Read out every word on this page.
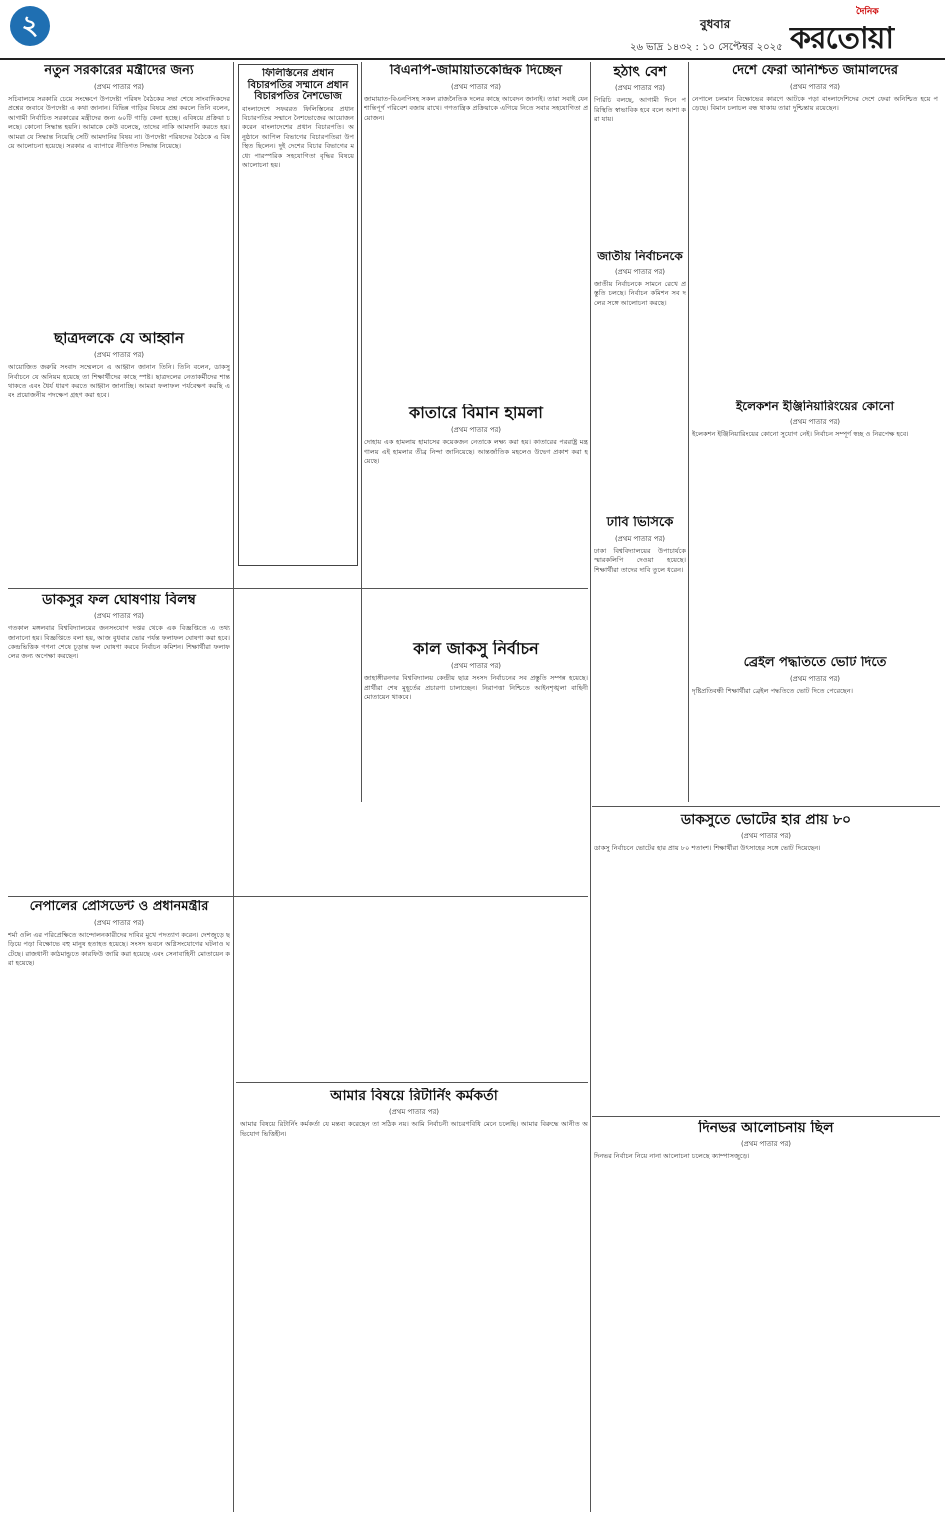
২	বুধবার
২৬ ভাদ্র ১৪৩২ : ১০ সেপ্টেম্বর ২০২৫
দৈনিক
করতোয়া
নতুন সরকারের মন্ত্রীদের জন্য
(প্রথম পাতার পর)

সচিবালয়ে সরকারি চেয়ে সংক্ষেপে উপদেষ্টা পরিষদ বৈঠকের সভা শেষে সাংবাদিকদের প্রশ্নের জবাবে উপদেষ্টা এ কথা জানান। বিভিন্ন গাড়ির বিষয়ে প্রশ্ন করলে তিনি বলেন, আগামী নির্বাচিত সরকারের মন্ত্রীদের জন্য ৬০টি গাড়ি কেনা হচ্ছে। এবিষয়ে প্রক্রিয়া চলছে। কোনো সিদ্ধান্ত হয়নি। আমাকে কেউ বলেছে, তাদের নাকি আমদানি করতে হয়। আমরা যে সিদ্ধান্ত নিয়েছি সেটি আমদানির বিষয় না। উপদেষ্টা পরিষদের বৈঠকে এ বিষয়ে আলোচনা হয়েছে। সরকার এ ব্যাপারে নীতিগত সিদ্ধান্ত নিয়েছে।

ছাত্রদলকে যে আহ্বান
(প্রথম পাতার পর)

আয়োজিত জরুরি সংবাদ সম্মেলনে এ আহ্বান জানান তিনি। তিনি বলেন, ডাকসু নির্বাচনে যে অনিয়ম হয়েছে তা শিক্ষার্থীদের কাছে স্পষ্ট। ছাত্রদলের নেতাকর্মীদের শান্ত থাকতে এবং ধৈর্য ধারণ করতে আহ্বান জানাচ্ছি। আমরা ফলাফল পর্যবেক্ষণ করছি এবং প্রয়োজনীয় পদক্ষেপ গ্রহণ করা হবে।

ডাকসুর ফল ঘোষণায় বিলম্ব
(প্রথম পাতার পর)

গতকাল মঙ্গলবার বিশ্ববিদ্যালয়ের জনসংযোগ দপ্তর থেকে এক বিজ্ঞপ্তিতে এ তথ্য জানানো হয়। বিজ্ঞপ্তিতে বলা হয়, আজ বুধবার ভোর পর্যন্ত ফলাফল ঘোষণা করা হবে। কেন্দ্রভিত্তিক গণনা শেষে চূড়ান্ত ফল ঘোষণা করবে নির্বাচন কমিশন। শিক্ষার্থীরা ফলাফলের জন্য অপেক্ষা করছেন।

নেপালের প্রেসিডেন্ট ও প্রধানমন্ত্রীর
(প্রথম পাতার পর)

শর্মা ওলি এর পরিপ্রেক্ষিতে আন্দোলনকারীদের দাবির মুখে পদত্যাগ করেন। দেশজুড়ে ছড়িয়ে পড়া বিক্ষোভে বহু মানুষ হতাহত হয়েছে। সংসদ ভবনে অগ্নিসংযোগের ঘটনাও ঘটেছে। রাজধানী কাঠমান্ডুতে কারফিউ জারি করা হয়েছে এবং সেনাবাহিনী মোতায়েন করা হয়েছে।

ফিলিস্তিনের প্রধান বিচারপতির সম্মানে প্রধান বিচারপতির নৈশভোজ

বাংলাদেশে সফররত ফিলিস্তিনের প্রধান বিচারপতির সম্মানে নৈশভোজের আয়োজন করেন বাংলাদেশের প্রধান বিচারপতি। অনুষ্ঠানে আপিল বিভাগের বিচারপতিরা উপস্থিত ছিলেন। দুই দেশের বিচার বিভাগের মধ্যে পারস্পরিক সহযোগিতা বৃদ্ধির বিষয়ে আলোচনা হয়।

বিএনপি-জামায়াতকেন্দ্রিক দিচ্ছেন
(প্রথম পাতার পর)

জামায়াত-বিএনপিসহ সকল রাজনৈতিক দলের কাছে আবেদন জানাই। তারা সবাই যেন শান্তিপূর্ণ পরিবেশ বজায় রাখে। গণতান্ত্রিক প্রক্রিয়াকে এগিয়ে নিতে সবার সহযোগিতা প্রয়োজন।

কাতারে বিমান হামলা
(প্রথম পাতার পর)

দোহায় এক হামলায় হামাসের কয়েকজন নেতাকে লক্ষ্য করা হয়। কাতারের পররাষ্ট্র মন্ত্রণালয় এই হামলার তীব্র নিন্দা জানিয়েছে। আন্তর্জাতিক মহলেও উদ্বেগ প্রকাশ করা হয়েছে।

কাল জাকসু নির্বাচন
(প্রথম পাতার পর)

জাহাঙ্গীরনগর বিশ্ববিদ্যালয় কেন্দ্রীয় ছাত্র সংসদ নির্বাচনের সব প্রস্তুতি সম্পন্ন হয়েছে। প্রার্থীরা শেষ মুহূর্তের প্রচারণা চালাচ্ছেন। নিরাপত্তা নিশ্চিতে আইনশৃঙ্খলা বাহিনী মোতায়েন থাকবে।

আমার বিষয়ে রিটার্নিং কর্মকর্তা
(প্রথম পাতার পর)

আমার বিষয়ে রিটার্নিং কর্মকর্তা যে মন্তব্য করেছেন তা সঠিক নয়। আমি নির্বাচনী আচরণবিধি মেনে চলেছি। আমার বিরুদ্ধে আনীত অভিযোগ ভিত্তিহীন।

হঠাৎ বেশ
(প্রথম পাতার পর)

পিরিচি বলছে, আগামী দিনে পরিস্থিতি স্বাভাবিক হবে বলে আশা করা যায়।

জাতীয় নির্বাচনকে
(প্রথম পাতার পর)

জাতীয় নির্বাচনকে সামনে রেখে প্রস্তুতি চলছে। নির্বাচন কমিশন সব দলের সঙ্গে আলোচনা করছে।

ঢাবি ভিসিকে
(প্রথম পাতার পর)

ঢাকা বিশ্ববিদ্যালয়ের উপাচার্যকে স্মারকলিপি দেওয়া হয়েছে। শিক্ষার্থীরা তাদের দাবি তুলে ধরেন।

দেশে ফেরা অনিশ্চিত জামালদের
(প্রথম পাতার পর)

নেপালে চলমান বিক্ষোভের কারণে আটকে পড়া বাংলাদেশিদের দেশে ফেরা অনিশ্চিত হয়ে পড়েছে। বিমান চলাচল বন্ধ থাকায় তারা দুশ্চিন্তায় রয়েছেন।

ইলেকশন ইঞ্জিনিয়ারিংয়ের কোনো
(প্রথম পাতার পর)

ইলেকশন ইঞ্জিনিয়ারিংয়ের কোনো সুযোগ নেই। নির্বাচন সম্পূর্ণ স্বচ্ছ ও নিরপেক্ষ হবে।

ব্রেইল পদ্ধতিতে ভোট দিতে
(প্রথম পাতার পর)

দৃষ্টিপ্রতিবন্ধী শিক্ষার্থীরা ব্রেইল পদ্ধতিতে ভোট দিতে পেরেছেন।

ডাকসুতে ভোটের হার প্রায় ৮০
(প্রথম পাতার পর)

ডাকসু নির্বাচনে ভোটের হার প্রায় ৮০ শতাংশ। শিক্ষার্থীরা উৎসাহের সঙ্গে ভোট দিয়েছেন।

দিনভর আলোচনায় ছিল
(প্রথম পাতার পর)

দিনভর নির্বাচন নিয়ে নানা আলোচনা চলেছে ক্যাম্পাসজুড়ে।
